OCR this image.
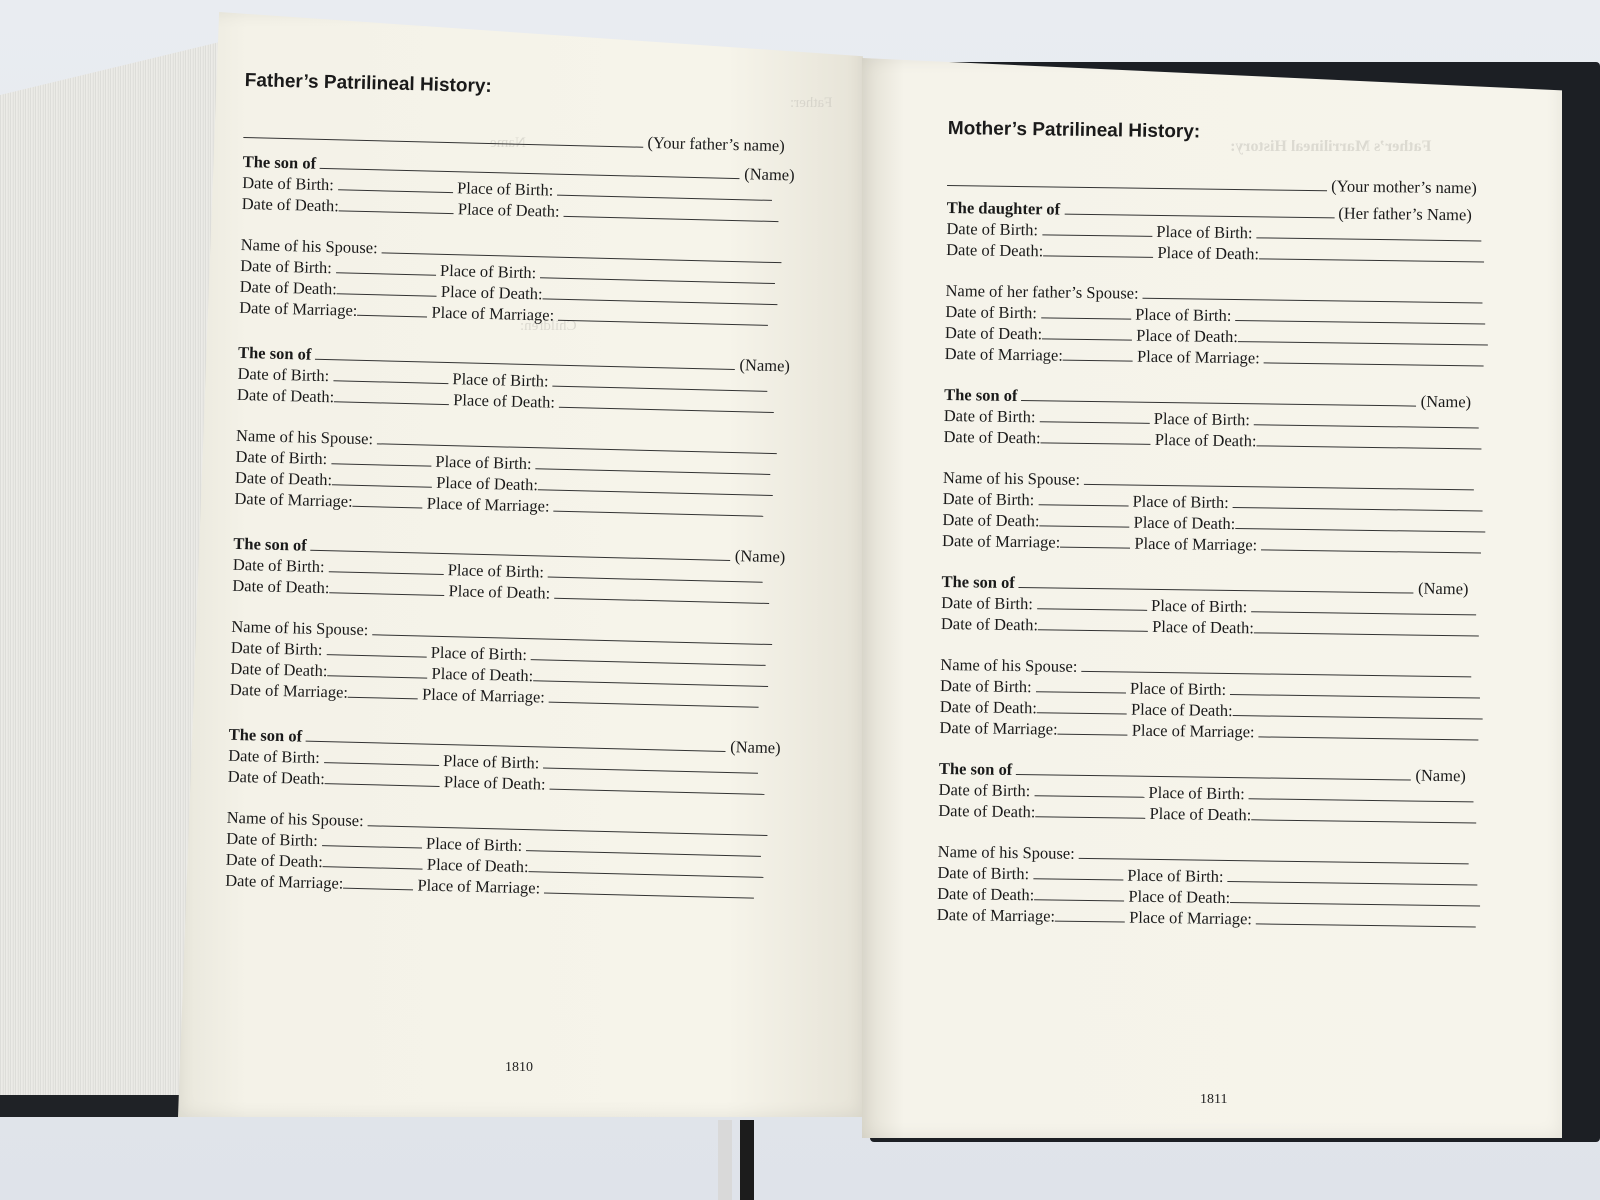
Father:
Name
Children:
Father’s Marrilineal History:
Father’s Patrilineal History:
(Your father’s name)
The son of  (Name)
Date of Birth:	Place of Birth:
Date of Death:	Place of Death:
Name of his Spouse:
Date of Birth:	Place of Birth:
Date of Death:	Place of Death:
Date of Marriage:	Place of Marriage:
The son of  (Name)
Date of Birth:	Place of Birth:
Date of Death:	Place of Death:
Name of his Spouse:
Date of Birth:	Place of Birth:
Date of Death:	Place of Death:
Date of Marriage:	Place of Marriage:
The son of  (Name)
Date of Birth:	Place of Birth:
Date of Death:	Place of Death:
Name of his Spouse:
Date of Birth:	Place of Birth:
Date of Death:	Place of Death:
Date of Marriage:	Place of Marriage:
The son of  (Name)
Date of Birth:	Place of Birth:
Date of Death:	Place of Death:
Name of his Spouse:
Date of Birth:	Place of Birth:
Date of Death:	Place of Death:
Date of Marriage:	Place of Marriage:
1810
Mother’s Patrilineal History:
(Your mother’s name)
The daughter of	(Her father’s Name)
Date of Birth:	Place of Birth:
Date of Death:	Place of Death:
Name of her father’s Spouse:
Date of Birth:	Place of Birth:
Date of Death:	Place of Death:
Date of Marriage:	Place of Marriage:
The son of	(Name)
Date of Birth:	Place of Birth:
Date of Death:	Place of Death:
Name of his Spouse:
Date of Birth:	Place of Birth:
Date of Death:	Place of Death:
Date of Marriage:	Place of Marriage:
The son of	(Name)
Date of Birth:	Place of Birth:
Date of Death:	Place of Death:
Name of his Spouse:
Date of Birth:	Place of Birth:
Date of Death:	Place of Death:
Date of Marriage:	Place of Marriage:
The son of	(Name)
Date of Birth:	Place of Birth:
Date of Death:	Place of Death:
Name of his Spouse:
Date of Birth:	Place of Birth:
Date of Death:	Place of Death:
Date of Marriage:	Place of Marriage:
1811
